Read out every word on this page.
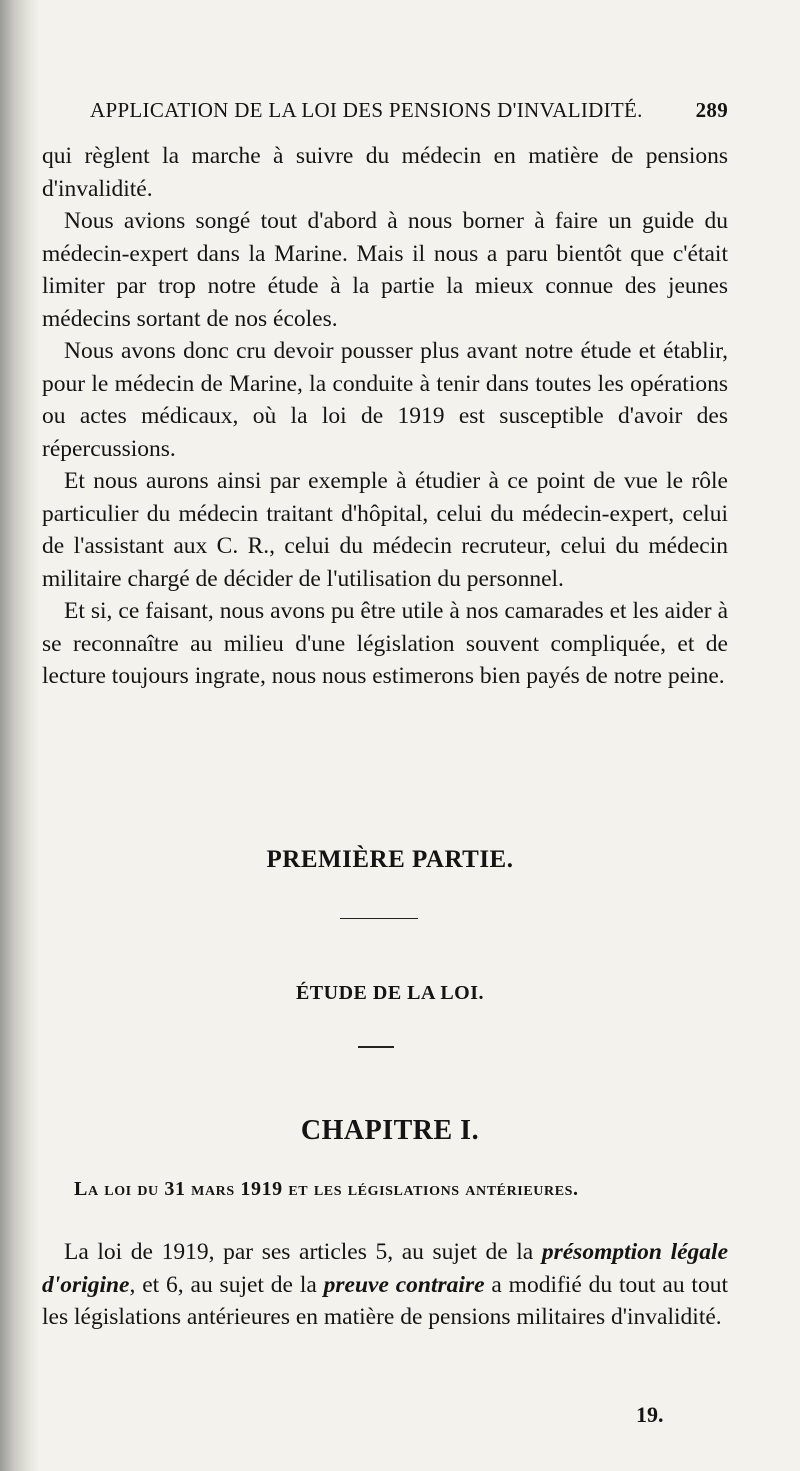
APPLICATION DE LA LOI DES PENSIONS D'INVALIDITÉ.	289

qui règlent la marche à suivre du médecin en matière de pensions d'invalidité.

Nous avions songé tout d'abord à nous borner à faire un guide du médecin-expert dans la Marine. Mais il nous a paru bientôt que c'était limiter par trop notre étude à la partie la mieux connue des jeunes médecins sortant de nos écoles.

Nous avons donc cru devoir pousser plus avant notre étude et établir, pour le médecin de Marine, la conduite à tenir dans toutes les opérations ou actes médicaux, où la loi de 1919 est susceptible d'avoir des répercussions.

Et nous aurons ainsi par exemple à étudier à ce point de vue le rôle particulier du médecin traitant d'hôpital, celui du médecin-expert, celui de l'assistant aux C. R., celui du médecin recruteur, celui du médecin militaire chargé de décider de l'utilisation du personnel.

Et si, ce faisant, nous avons pu être utile à nos camarades et les aider à se reconnaître au milieu d'une législation souvent compliquée, et de lecture toujours ingrate, nous nous estimerons bien payés de notre peine.

PREMIÈRE PARTIE.
ÉTUDE DE LA LOI.
CHAPITRE I.
La loi du 31 mars 1919 et les législations antérieures.

La loi de 1919, par ses articles 5, au sujet de la présomption légale d'origine, et 6, au sujet de la preuve contraire a modifié du tout au tout les législations antérieures en matière de pensions militaires d'invalidité.

19.
